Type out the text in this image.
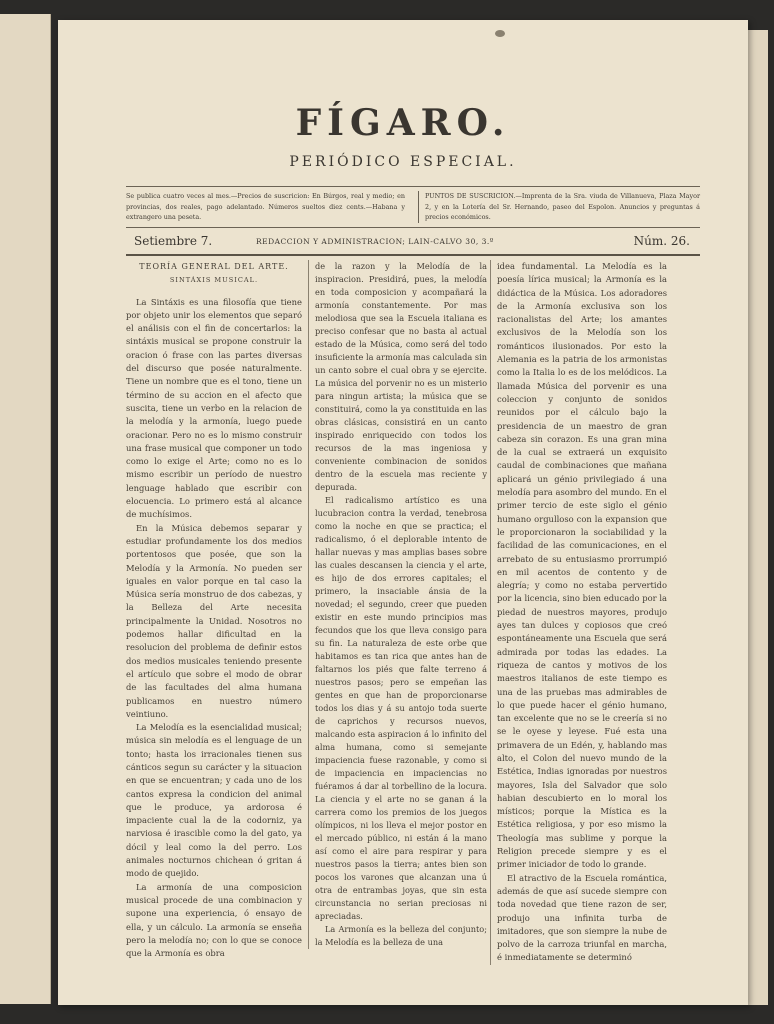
FÍGARO.
PERIÓDICO ESPECIAL.
Se publica cuatro veces al mes.—Precios de suscricion: En Búrgos, real y medio; en provincias, dos reales, pago adelantado. Números sueltos diez cents.—Habana y extrangero una peseta.
PUNTOS DE SUSCRICION.—Imprenta de la Sra. viuda de Villanueva, Plaza Mayor 2, y en la Lotería del Sr. Hernando, paseo del Espolon. Anuncios y preguntas á precios económicos.
Setiembre 7.	REDACCION Y ADMINISTRACION; LAIN-CALVO 30, 3.º	Núm. 26.
TEORÍA GENERAL DEL ARTE.
SINTÁXIS MUSICAL.

La Sintáxis es una filosofía que tiene por objeto unir los elementos que separó el análisis con el fin de concertarlos: la sintáxis musical se propone construir la oracion ó frase con las partes diversas del discurso que posée naturalmente. Tiene un nombre que es el tono, tiene un término de su accion en el afecto que suscita, tiene un verbo en la relacion de la melodía y la armonía, luego puede oracionar. Pero no es lo mismo construir una frase musical que componer un todo como lo exige el Arte; como no es lo mismo escribir un período de nuestro lenguage hablado que escribir con elocuencia. Lo primero está al alcance de muchísimos.

En la Música debemos separar y estudiar profundamente los dos medios portentosos que posée, que son la Melodía y la Armonía. No pueden ser iguales en valor porque en tal caso la Música sería monstruo de dos cabezas, y la Belleza del Arte necesita principalmente la Unidad. Nosotros no podemos hallar dificultad en la resolucion del problema de definir estos dos medios musicales teniendo presente el artículo que sobre el modo de obrar de las facultades del alma humana publicamos en nuestro número veintiuno.

La Melodía es la esencialidad musical; música sin melodía es el lenguage de un tonto; hasta los irracionales tienen sus cánticos segun su carácter y la situacion en que se encuentran; y cada uno de los cantos expresa la condicion del animal que le produce, ya ardorosa é impaciente cual la de la codorniz, ya narviosa é irascible como la del gato, ya dócil y leal como la del perro. Los animales nocturnos chichean ó gritan á modo de quejido.

La armonía de una composicion musical procede de una combinacion y supone una experiencia, ó ensayo de ella, y un cálculo. La armonía se enseña pero la melodía no; con lo que se conoce que la Armonía es obra

de la razon y la Melodía de la inspiracion. Presidirá, pues, la melodía en toda composicion y acompañará la armonía constantemente. Por mas melodiosa que sea la Escuela italiana es preciso confesar que no basta al actual estado de la Música, como será del todo insuficiente la armonía mas calculada sin un canto sobre el cual obra y se ejercite. La música del porvenir no es un misterio para ningun artista; la música que se constituirá, como la ya constituida en las obras clásicas, consistirá en un canto inspirado enriquecido con todos los recursos de la mas ingeniosa y conveniente combinacion de sonidos dentro de la escuela mas reciente y depurada.

El radicalismo artístico es una lucubracion contra la verdad, tenebrosa como la noche en que se practica; el radicalismo, ó el deplorable intento de hallar nuevas y mas amplias bases sobre las cuales descansen la ciencia y el arte, es hijo de dos errores capitales; el primero, la insaciable ánsia de la novedad; el segundo, creer que pueden existir en este mundo principios mas fecundos que los que lleva consigo para su fin. La naturaleza de este orbe que habitamos es tan rica que antes han de faltarnos los piés que falte terreno á nuestros pasos; pero se empeñan las gentes en que han de proporcionarse todos los dias y á su antojo toda suerte de caprichos y recursos nuevos, malcando esta aspiracion á lo infinito del alma humana, como si semejante impaciencia fuese razonable, y como si de impaciencia en impaciencias no fuéramos á dar al torbellino de la locura. La ciencia y el arte no se ganan á la carrera como los premios de los juegos olímpicos, ni los lleva el mejor postor en el mercado público, ni están á la mano así como el aire para respirar y para nuestros pasos la tierra; antes bien son pocos los varones que alcanzan una ú otra de entrambas joyas, que sin esta circunstancia no serian preciosas ni apreciadas.

La Armonía es la belleza del conjunto; la Melodía es la belleza de una

idea fundamental. La Melodía es la poesía lírica musical; la Armonía es la didáctica de la Música. Los adoradores de la Armonía exclusiva son los racionalistas del Arte; los amantes exclusivos de la Melodía son los románticos ilusionados. Por esto la Alemania es la patria de los armonistas como la Italia lo es de los melódicos. La llamada Música del porvenir es una coleccion y conjunto de sonidos reunidos por el cálculo bajo la presidencia de un maestro de gran cabeza sin corazon. Es una gran mina de la cual se extraerá un exquisito caudal de combinaciones que mañana aplicará un génio privilegiado á una melodía para asombro del mundo. En el primer tercio de este siglo el génio humano orgulloso con la expansion que le proporcionaron la sociabilidad y la facilidad de las comunicaciones, en el arrebato de su entusiasmo prorrumpió en mil acentos de contento y de alegría; y como no estaba pervertido por la licencia, sino bien educado por la piedad de nuestros mayores, produjo ayes tan dulces y copiosos que creó espontáneamente una Escuela que será admirada por todas las edades. La riqueza de cantos y motivos de los maestros italianos de este tiempo es una de las pruebas mas admirables de lo que puede hacer el génio humano, tan excelente que no se le creería si no se le oyese y leyese. Fué esta una primavera de un Edén, y, hablando mas alto, el Colon del nuevo mundo de la Estética, Indias ignoradas por nuestros mayores, Isla del Salvador que solo habian descubierto en lo moral los místicos; porque la Mística es la Estética religiosa, y por eso mismo la Theología mas sublime y porque la Religion precede siempre y es el primer iniciador de todo lo grande.

El atractivo de la Escuela romántica, además de que así sucede siempre con toda novedad que tiene razon de ser, produjo una infinita turba de imitadores, que son siempre la nube de polvo de la carroza triunfal en marcha, é inmediatamente se determinó
